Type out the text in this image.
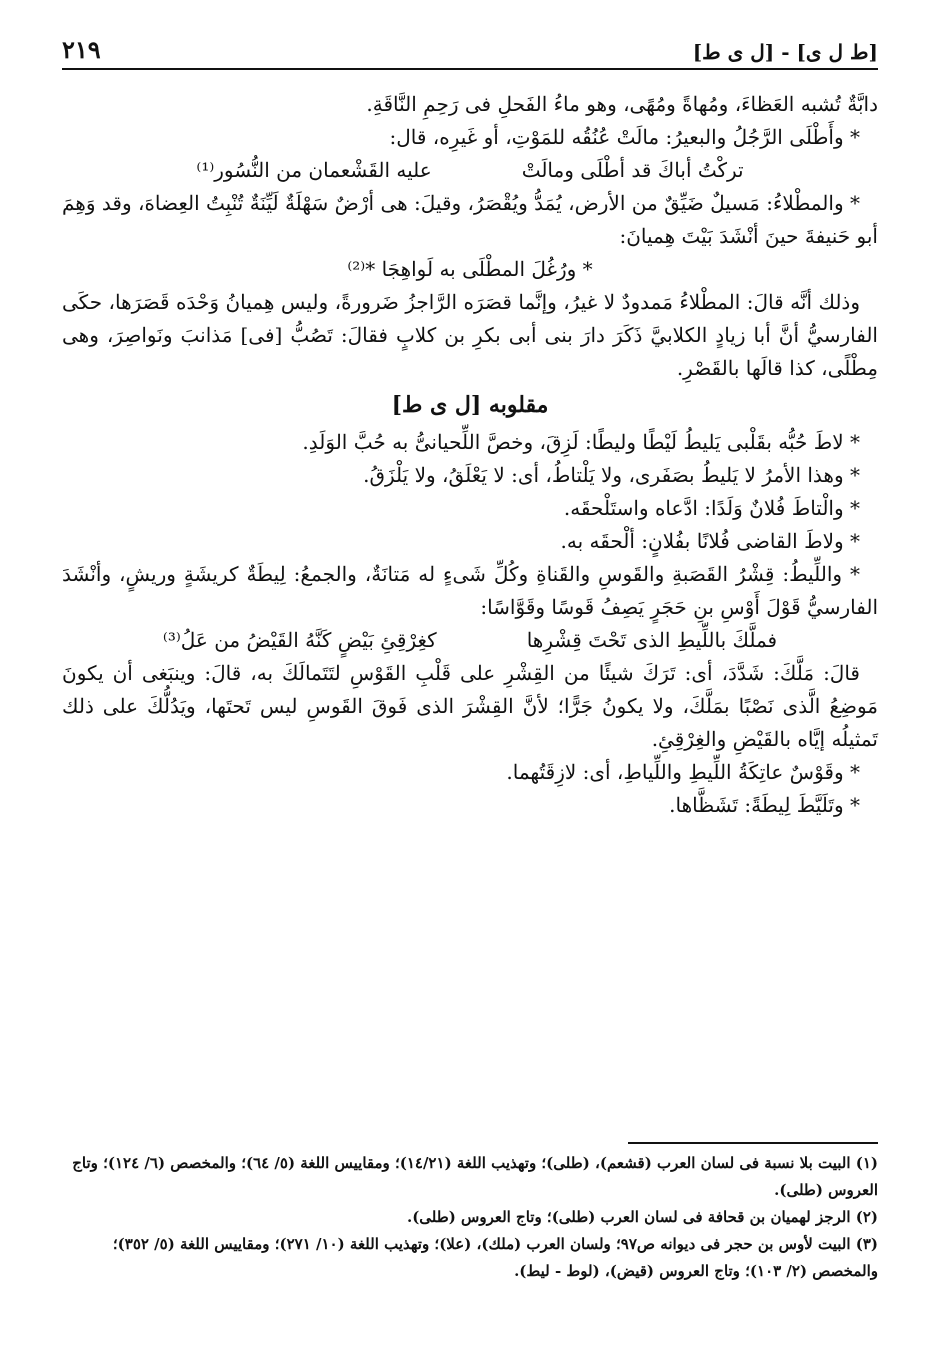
٢١٩	[ط ل ى] - [ل ى ط]

دابَّةٌ تُشبه العَظاءَ، ومُهاةً ومُهًى، وهو ماءُ الفَحلِ فى رَحِمِ النَّاقَةِ.

* وأَطْلَى الرَّجُلُ والبعيرُ: مالَتْ عُنُقُه للمَوْتِ، أو غَيرِه، قال:

تركْتُ أباكَ قد أطْلَى ومالَتْ
عليه القَشْعمان من النُّسُور⁽¹⁾

* والمطْلاءُ: مَسيلٌ ضَيِّقٌ من الأرض، يُمَدُّ ويُقْصَرُ، وقيلَ: هى أرْضٌ سَهْلَةٌ لَيِّنَةٌ تُنْبِتُ العِضاهَ، وقد وَهِمَ أبو حَنيفةَ حينَ أنْشَدَ بَيْتَ هِميانَ:

* ورُغُلَ المطْلَى به لَواهِجَا *⁽²⁾

وذلك أنَّه قالَ: المطْلاءُ مَمدودٌ لا غيرُ، وإنَّما قصَرَه الرَّاجزُ ضَرورةً، وليس هِميانُ وَحْدَه قَصَرَها، حكَى الفارسيُّ أنَّ أبا زيادٍ الكلابيَّ ذَكَرَ دارَ بنى أبى بكرِ بن كلابٍ فقالَ: تَصُبُّ [فى] مَذانبَ ونَواصِرَ، وهى مِطْلًى، كذا قالَها بالقَصْرِ.

مقلوبه [ل ى ط]

* لاطَ حُبُّه بقَلْبى يَليطُ لَيْطًا وليطًا: لَزِقَ، وخصَّ اللِّحيانىُّ به حُبَّ الوَلَدِ.

* وهذا الأمرُ لا يَليطُ بصَفَرى، ولا يَلْتاطُ، أى: لا يَعْلَقُ، ولا يَلْزَقُ.

* والْتاطَ فُلانٌ وَلَدًا: ادَّعاه واستَلْحقَه.

* ولاطَ القاضى فُلانًا بفُلانٍ: ألْحقَه به.

* واللِّيطُ: قِشْرُ القَصَبةِ والقَوسِ والقَناةِ وكُلِّ شَىءٍ له مَتانَةٌ، والجمعُ: لِيطَةٌ كريشَةٍ وريشٍ، وأنْشَدَ الفارسيُّ قَوْلَ أَوْسِ بنِ حَجَرٍ يَصِفُ قَوسًا وقَوَّاسًا:

فملَّكَ باللِّيطِ الذى تَحْتَ قِشْرِها
كغِرْقِئِ بَيْضٍ كَنَّهُ القَيْضُ من عَلُ⁽³⁾

قالَ: مَلَّكَ: شَدَّدَ، أى: تَرَكَ شيئًا من القِشْرِ على قَلْبِ القَوْسِ لتَتَمالَكَ به، قالَ: وينبَغى أن يكونَ مَوضِعُ الَّذى نَصْبًا بمَلَّكَ، ولا يكونُ جَرًّا؛ لأنَّ القِشْرَ الذى فَوقَ القَوسِ ليس تَحتَها، ويَدُلُّكَ على ذلك تَمثيلُه إيَّاه بالقَيْضِ والغِرْقِئِ.

* وقَوْسٌ عاتِكَةُ اللِّيطِ واللِّياطِ، أى: لازِقَتُهما.

* وتَلَيَّطَ لِيطَةً: تَشَظَّاها.

(١) البيت بلا نسبة فى لسان العرب (قشعم)، (طلى)؛ وتهذيب اللغة (١٤/٢١)؛ ومقاييس اللغة (٥/ ٦٤)؛ والمخصص (٦/ ١٢٤)؛ وتاج العروس (طلى).

(٢) الرجز لهميان بن قحافة فى لسان العرب (طلى)؛ وتاج العروس (طلى).

(٣) البيت لأوس بن حجر فى ديوانه ص٩٧؛ ولسان العرب (ملك)، (علا)؛ وتهذيب اللغة (١٠/ ٢٧١)؛ ومقاييس اللغة (٥/ ٣٥٢)؛ والمخصص (٢/ ١٠٣)؛ وتاج العروس (قيض)، (لوط - ليط).
